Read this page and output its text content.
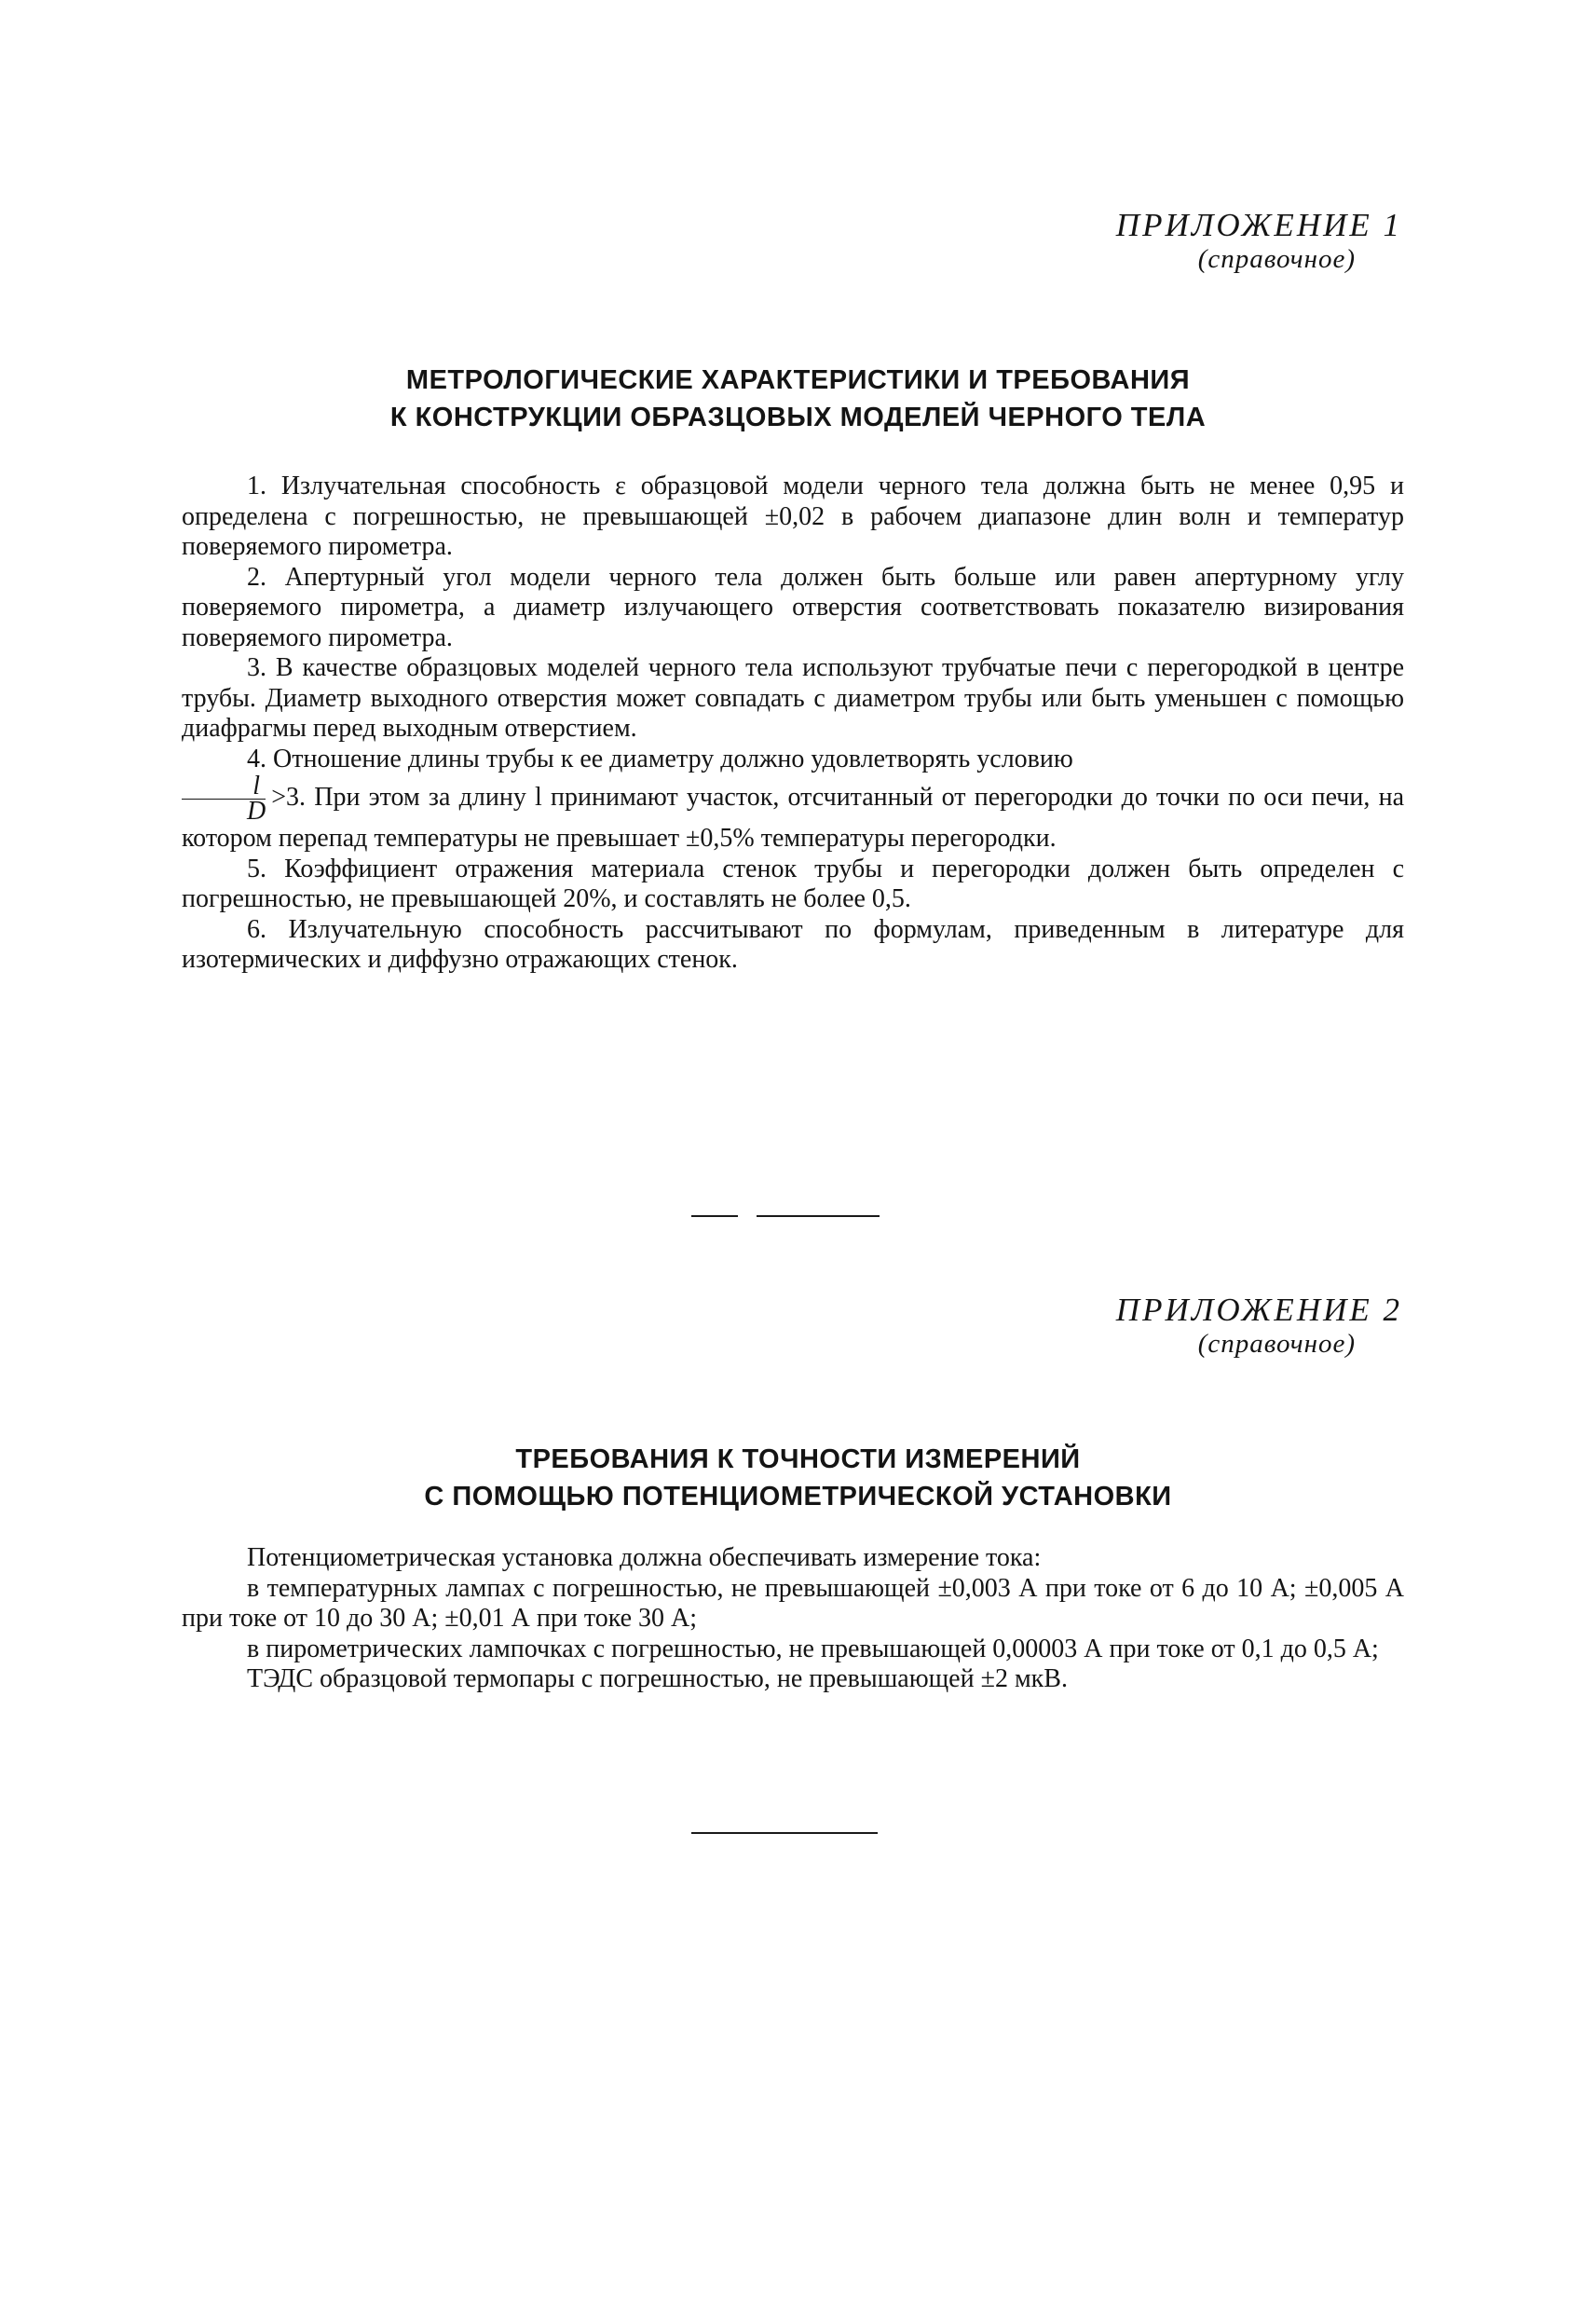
ПРИЛОЖЕНИЕ 1
(справочное)
МЕТРОЛОГИЧЕСКИЕ ХАРАКТЕРИСТИКИ И ТРЕБОВАНИЯ
К КОНСТРУКЦИИ ОБРАЗЦОВЫХ МОДЕЛЕЙ ЧЕРНОГО ТЕЛА

1. Излучательная способность ε образцовой модели черного тела должна быть не менее 0,95 и определена с погрешностью, не превышающей ±0,02 в рабочем диапазоне длин волн и температур поверяемого пирометра.

2. Апертурный угол модели черного тела должен быть больше или равен апертурному углу поверяемого пирометра, а диаметр излучающего отверстия соответствовать показателю визирования поверяемого пирометра.

3. В качестве образцовых моделей черного тела используют трубчатые печи с перегородкой в центре трубы. Диаметр выходного отверстия может совпадать с диаметром трубы или быть уменьшен с помощью диафрагмы перед выходным отверстием.

4. Отношение длины трубы к ее диаметру должно удовлетворять условию

$\frac{l}{D} >3$. При этом за длину l принимают участок, отсчитанный от перегородки до точки по оси печи, на котором перепад температуры не превышает ±0,5% температуры перегородки.

5. Коэффициент отражения материала стенок трубы и перегородки должен быть определен с погрешностью, не превышающей 20%, и составлять не более 0,5.

6. Излучательную способность рассчитывают по формулам, приведенным в литературе для изотермических и диффузно отражающих стенок.

ПРИЛОЖЕНИЕ 2
(справочное)
ТРЕБОВАНИЯ К ТОЧНОСТИ ИЗМЕРЕНИЙ
С ПОМОЩЬЮ ПОТЕНЦИОМЕТРИЧЕСКОЙ УСТАНОВКИ

Потенциометрическая установка должна обеспечивать измерение тока:

в температурных лампах с погрешностью, не превышающей ±0,003 А при токе от 6 до 10 А; ±0,005 А при токе от 10 до 30 А; ±0,01 А при токе 30 А;

в пирометрических лампочках с погрешностью, не превышающей 0,00003 А при токе от 0,1 до 0,5 А;

ТЭДС образцовой термопары с погрешностью, не превышающей ±2 мкВ.
